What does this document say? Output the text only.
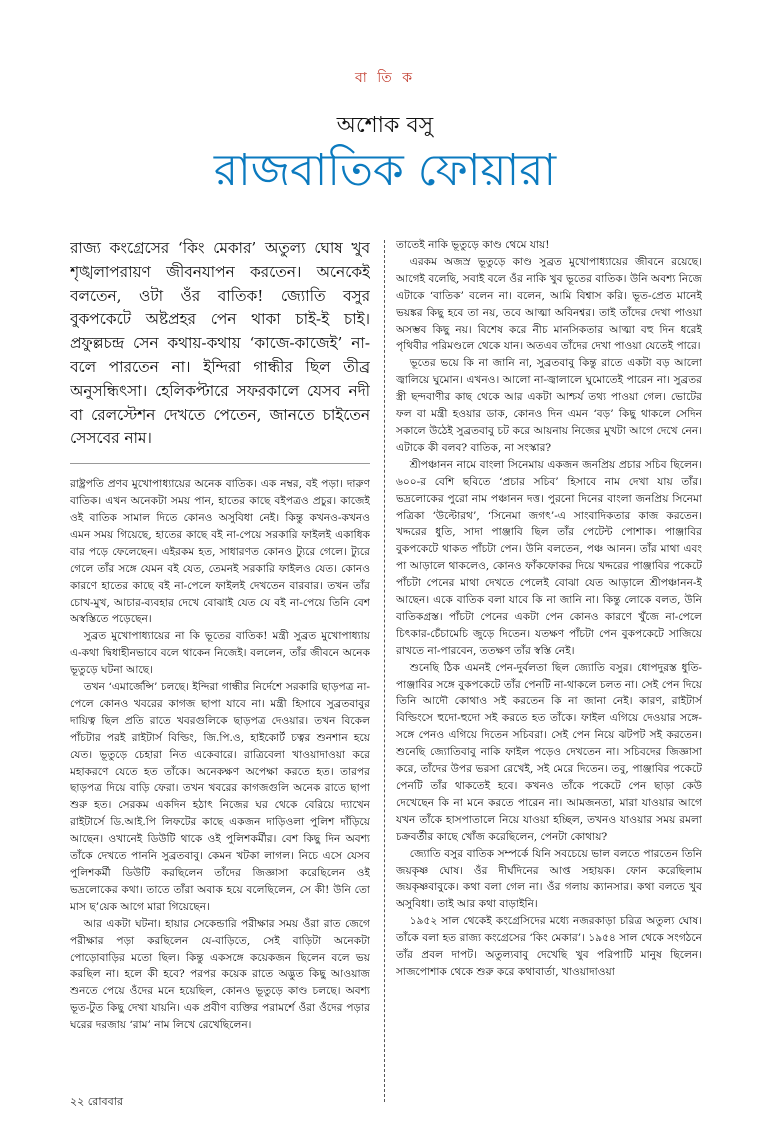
বা তি ক
অশোক বসু
রাজবাতিক ফোয়ারা

রাজ্য কংগ্রেসের ‘কিং মেকার’ অতুল্য ঘোষ খুব শৃঙ্খলাপরায়ণ জীবনযাপন করতেন। অনেকেই বলতেন, ওটা ওঁর বাতিক! জ্যোতি বসুর বুকপকেটে অষ্টপ্রহর পেন থাকা চাই-ই চাই। প্রফুল্লচন্দ্র সেন কথায়-কথায় ‘কাজে-কাজেই’ না-বলে পারতেন না। ইন্দিরা গান্ধীর ছিল তীব্র অনুসন্ধিৎসা। হেলিকপ্টারে সফরকালে যেসব নদী বা রেলস্টেশন দেখতে পেতেন, জানতে চাইতেন সেসবের নাম।

রাষ্ট্রপতি প্রণব মুখোপাধ্যায়ের অনেক বাতিক। এক নম্বর, বই পড়া। দারুণ বাতিক। এখন অনেকটা সময় পান, হাতের কাছে বই‌পত্রও প্রচুর। কাজেই ওই বাতিক সামাল দিতে কোনও অসুবিধা নেই। কিন্তু কখনও-কখনও এমন সময় গিয়েছে, হাতের কাছে বই না-পেয়ে সরকারি ফাইলই একাধিক বার পড়ে ফেলেছেন। এইরকম হত, সাধারণত কোনও ট্যুরে গেলে। ট্যুরে গেলে তাঁর সঙ্গে যেমন বই যেত, তেমনই সরকারি ফাইলও যেত। কোনও কারণে হাতের কাছে বই না-পেলে ফাইলই দেখতেন বারবার। তখন তাঁর চোখ-মুখ, আচার-ব্যবহার দেখে বোঝাই যেত যে বই না-পেয়ে তিনি বেশ অস্বস্তিতে পড়েছেন।

সুব্রত মুখোপাধ্যায়ের না কি ভূতের বাতিক! মন্ত্রী সুব্রত মুখোপাধ্যায় এ-কথা দ্বিধাহীনভাবে বলে থাকেন নিজেই। বললেন, তাঁর জীবনে অনেক ভূতুড়ে ঘটনা আছে।

তখন ‘এমার্জেন্সি’ চলছে। ইন্দিরা গান্ধীর নির্দেশে সরকারি ছাড়পত্র না-পেলে কোনও খবরের কাগজ ছাপা যাবে না। মন্ত্রী হিসাবে সুব্রতবাবুর দায়িত্ব ছিল প্রতি রাতে খবরগুলিকে ছাড়পত্র দেওয়ার। তখন বিকেল পাঁচটার পরই রাইটার্স বিল্ডিং, জি.পি.ও, হাইকোর্ট চত্বর শুনশান হয়ে যেত। ভূতুড়ে চেহারা নিত একেবারে। রাত্রিবেলা খাওয়াদাওয়া করে মহাকরণে যেতে হত তাঁকে। অনেকক্ষণ অপেক্ষা করতে হত। তারপর ছাড়পত্র দিয়ে বাড়ি ফেরা। তখন খবরের কাগজগুলি অনেক রাতে ছাপা শুরু হত। সেরকম একদিন হঠাৎ নিজের ঘর থেকে বেরিয়ে দ্যাখেন রাইটার্সে ডি.আই.পি লিফটের কাছে একজন দাড়িওলা পুলিশ দাঁড়িয়ে আছেন। ওখানেই ডিউটি থাকে ওই পুলিশকর্মীর। বেশ কিছু দিন অবশ্য তাঁকে দেখতে পাননি সুব্রতবাবু। কেমন খটকা লাগল। নিচে এসে যেসব পুলিশকর্মী ডিউটি করছিলেন তাঁদের জিজ্ঞাসা করেছিলেন ওই ভদ্রলোকের কথা। তাতে তাঁরা অবাক হয়ে বলেছিলেন, সে কী! উনি তো মাস ছ’য়েক আগে মারা গিয়েছেন।

আর একটা ঘটনা। হায়ার সেকেন্ডারি পরীক্ষার সময় ওঁরা রাত জেগে পরীক্ষার পড়া করছিলেন যে-বাড়িতে, সেই বাড়িটা অনেকটা পোড়োবাড়ির মতো ছিল। কিন্তু একসঙ্গে কয়েকজন ছিলেন বলে ভয় করছিল না। হলে কী হবে? পরপর কয়েক রাতে অদ্ভুত কিছু আওয়াজ শুনতে পেয়ে ওঁদের মনে হয়েছিল, কোনও ভূতুড়ে কাণ্ড চলছে। অবশ্য ভূত-টুত কিছু দেখা যায়নি। এক প্রবীণ ব্যক্তির পরামর্শে ওঁরা ওঁদের পড়ার ঘরের দরজায় ‘রাম’ নাম লিখে রেখেছিলেন।

তাতেই নাকি ভূতুড়ে কাণ্ড থেমে যায়!

এরকম অজস্র ভূতুড়ে কাণ্ড সুব্রত মুখোপাধ্যায়ের জীবনে রয়েছে। আগেই বলেছি, সবাই বলে ওঁর নাকি খুব ভূতের বাতিক। উনি অবশ্য নিজে এটাকে ‘বাতিক’ বলেন না। বলেন, আমি বিশ্বাস করি। ভূত-প্রেত মানেই ভয়ঙ্কর কিছু হবে তা নয়, তবে আত্মা অবিনশ্বর। তাই তাঁদের দেখা পাওয়া অসম্ভব কিছু নয়। বিশেষ করে নীচ মানসিকতার আত্মা বহু দিন ধরেই পৃথিবীর পরিমণ্ডলে থেকে যান। অতএব তাঁদের দেখা পাওয়া যেতেই পারে।

ভূতের ভয়ে কি না জানি না, সুব্রতবাবু কিন্তু রাতে একটা বড় আলো জ্বালিয়ে ঘুমোন। এখনও। আলো না-জ্বালালে ঘুমোতেই পারেন না। সুব্রতর স্ত্রী ছন্দবাণীর কাছ থেকে আর একটা আশ্চর্য তথ্য পাওয়া গেল। ভোটের ফল বা মন্ত্রী হওয়ার ডাক, কোনও দিন এমন ‘বড়’ কিছু থাকলে সেদিন সকালে উঠেই সুব্রতবাবু চট করে আয়নায় নিজের মুখটা আগে দেখে নেন। এটাকে কী বলব? বাতিক, না সংস্কার?

শ্রীপঞ্চানন নামে বাংলা সিনেমায় একজন জনপ্রিয় প্রচার সচিব ছিলেন। ৬০০-র বেশি ছবিতে ‘প্রচার সচিব’ হিসাবে নাম দেখা যায় তাঁর। ভদ্রলোকের পুরো নাম পঞ্চানন দত্ত। পুরনো দিনের বাংলা জনপ্রিয় সিনেমা পত্রিকা ‘উল্টোরথ’, ‘সিনেমা জগৎ’-এ সাংবাদিকতার কাজ করতেন। খদ্দরের ধুতি, সাদা পাঞ্জাবি ছিল তাঁর পেটেন্ট পোশাক। পাঞ্জাবির বুকপকেটে থাকত পাঁচটা পেন। উনি বলতেন, পঞ্চ আনন। তাঁর মাথা এবং পা আড়ালে থাকলেও, কোনও ফাঁকফোকর দিয়ে খদ্দরের পাঞ্জাবির পকেটে পাঁচটা পেনের মাথা দেখতে পেলেই বোঝা যেত আড়ালে শ্রীপঞ্চানন-ই আছেন। একে বাতিক বলা যাবে কি না জানি না। কিন্তু লোকে বলত, উনি বাতিকগ্রস্ত। পাঁচটা পেনের একটা পেন কোনও কারণে খুঁজে না-পেলে চিৎকার-চেঁচামেচি জুড়ে দিতেন। যতক্ষণ পাঁচটা পেন বুকপকেটে সাজিয়ে রাখতে না-পারবেন, ততক্ষণ তাঁর স্বস্তি নেই।

শুনেছি ঠিক এমনই পেন-দুর্বলতা ছিল জ্যোতি বসুর। ধোপদুরস্ত ধুতি-পাঞ্জাবির সঙ্গে বুকপকেটে তাঁর পেনটি না-থাকলে চলত না। সেই পেন দিয়ে তিনি আদৌ কোথাও সই করতেন কি না জানা নেই। কারণ, রাইটার্স বিল্ডিংসে হুদো-হুদো সই করতে হত তাঁকে। ফাইল এগিয়ে দেওয়ার সঙ্গে-সঙ্গে পেনও এগিয়ে দিতেন সচিবরা। সেই পেন নিয়ে ঝটপট সই করতেন। শুনেছি জ্যোতিবাবু নাকি ফাইল পড়েও দেখতেন না। সচিবদের জিজ্ঞাসা করে, তাঁদের উপর ভরসা রেখেই, সই মেরে দিতেন। তবু, পাঞ্জাবির পকেটে পেনটি তাঁর থাকতেই হবে। কখনও তাঁকে পকেটে পেন ছাড়া কেউ দেখেছেন কি না মনে করতে পারেন না। আমজনতা, মারা যাওয়ার আগে যখন তাঁকে হাসপাতালে নিয়ে যাওয়া হচ্ছিল, তখনও যাওয়ার সময় রমলা চক্রবর্তীর কাছে খোঁজ করেছিলেন, পেনটা কোথায়?

জ্যোতি বসুর বাতিক সম্পর্কে যিনি সবচেয়ে ভাল বলতে পারতেন তিনি জয়কৃষ্ণ ঘোষ। ওঁর দীর্ঘদিনের আপ্ত সহায়ক। ফোন করেছিলাম জয়কৃষ্ণবাবুকে। কথা বলা গেল না। ওঁর গলায় ক্যানসার। কথা বলতে খুব অসুবিধা। তাই আর কথা বাড়াইনি।

১৯৫২ সাল থেকেই কংগ্রেসিদের মধ্যে নজরকাড়া চরিত্র অতুল্য ঘোষ। তাঁকে বলা হত রাজ্য কংগ্রেসের ‘কিং মেকার’। ১৯৫৪ সাল থেকে সংগঠনে তাঁর প্রবল দাপট। অতুল্যবাবু দেখেছি খুব পরিপাটি মানুষ ছিলেন। সাজপোশাক থেকে শুরু করে কথাবার্তা, খাওয়াদাওয়া

২২ রোববার
